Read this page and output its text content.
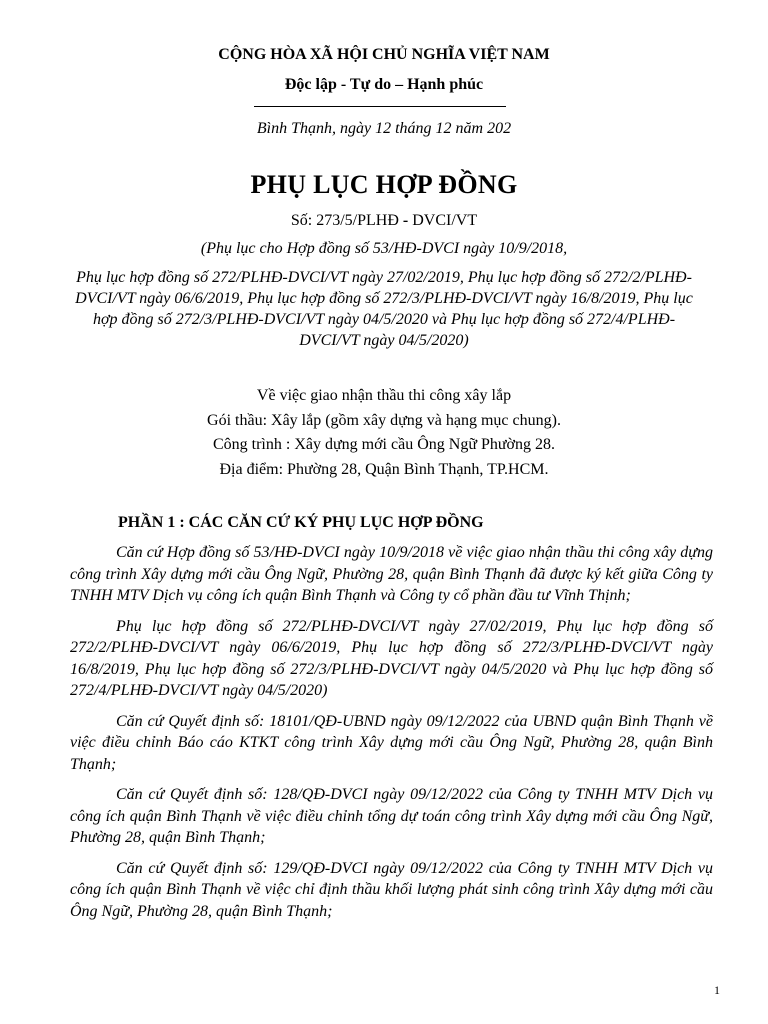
CỘNG HÒA XÃ HỘI CHỦ NGHĨA VIỆT NAM
Độc lập - Tự do – Hạnh phúc
Bình Thạnh, ngày 12 tháng 12 năm 202
PHỤ LỤC HỢP ĐỒNG
Số: 273/5/PLHĐ - DVCI/VT

(Phụ lục cho Hợp đồng số 53/HĐ-DVCI ngày 10/9/2018,

Phụ lục hợp đồng số 272/PLHĐ-DVCI/VT ngày 27/02/2019, Phụ lục hợp đồng số 272/2/PLHĐ-DVCI/VT ngày 06/6/2019, Phụ lục hợp đồng số 272/3/PLHĐ-DVCI/VT ngày 16/8/2019, Phụ lục hợp đồng số 272/3/PLHĐ-DVCI/VT ngày 04/5/2020 và Phụ lục hợp đồng số 272/4/PLHĐ-DVCI/VT ngày 04/5/2020)

Về việc giao nhận thầu thi công xây lắp
Gói thầu: Xây lắp (gồm xây dựng và hạng mục chung).
Công trình : Xây dựng mới cầu Ông Ngữ Phường 28.
Địa điểm: Phường 28, Quận Bình Thạnh, TP.HCM.
PHẦN 1 : CÁC CĂN CỨ KÝ PHỤ LỤC HỢP ĐỒNG

Căn cứ Hợp đồng số 53/HĐ-DVCI ngày 10/9/2018 về việc giao nhận thầu thi công xây dựng công trình Xây dựng mới cầu Ông Ngữ, Phường 28, quận Bình Thạnh đã được ký kết giữa Công ty TNHH MTV Dịch vụ công ích quận Bình Thạnh và Công ty cổ phần đầu tư Vĩnh Thịnh;

Phụ lục hợp đồng số 272/PLHĐ-DVCI/VT ngày 27/02/2019, Phụ lục hợp đồng số 272/2/PLHĐ-DVCI/VT ngày 06/6/2019, Phụ lục hợp đồng số 272/3/PLHĐ-DVCI/VT ngày 16/8/2019, Phụ lục hợp đồng số 272/3/PLHĐ-DVCI/VT ngày 04/5/2020 và Phụ lục hợp đồng số 272/4/PLHĐ-DVCI/VT ngày 04/5/2020)

Căn cứ Quyết định số: 18101/QĐ-UBND ngày 09/12/2022 của UBND quận Bình Thạnh về việc điều chỉnh Báo cáo KTKT công trình Xây dựng mới cầu Ông Ngữ, Phường 28, quận Bình Thạnh;

Căn cứ Quyết định số: 128/QĐ-DVCI ngày 09/12/2022 của Công ty TNHH MTV Dịch vụ công ích quận Bình Thạnh về việc điều chỉnh tổng dự toán công trình Xây dựng mới cầu Ông Ngữ, Phường 28, quận Bình Thạnh;

Căn cứ Quyết định số: 129/QĐ-DVCI ngày 09/12/2022 của Công ty TNHH MTV Dịch vụ công ích quận Bình Thạnh về việc chỉ định thầu khối lượng phát sinh công trình Xây dựng mới cầu Ông Ngữ, Phường 28, quận Bình Thạnh;

1
